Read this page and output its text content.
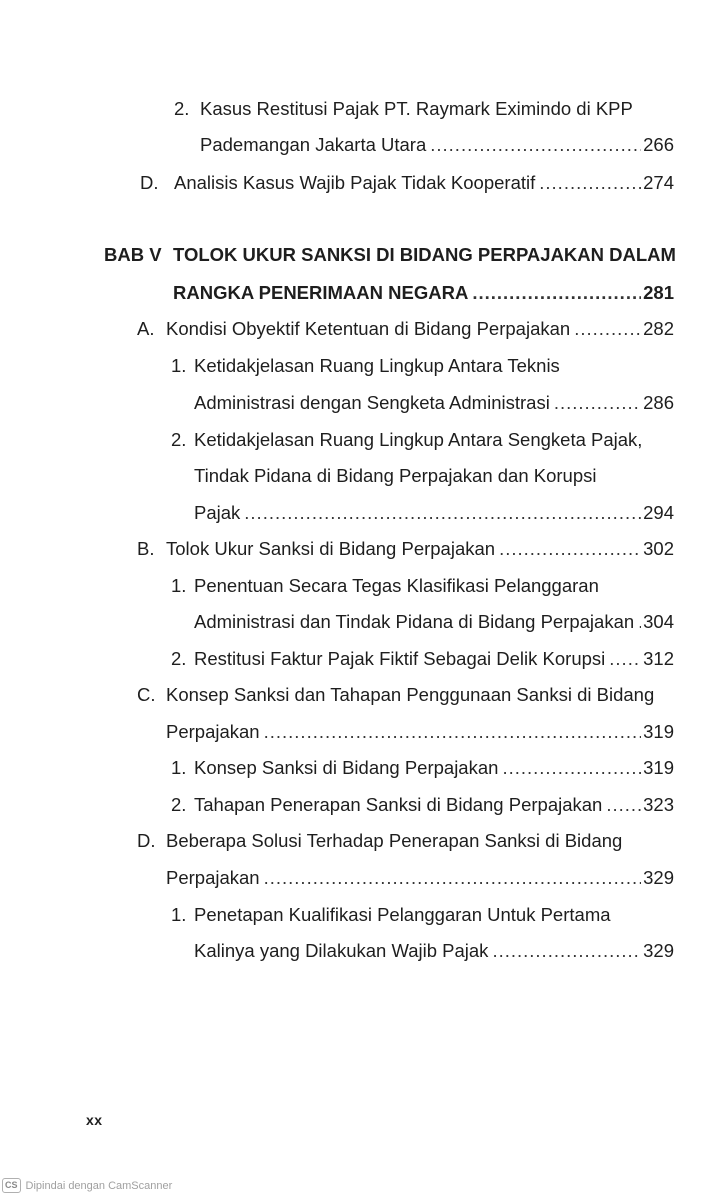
2. Kasus Restitusi Pajak PT. Raymark Eximindo di KPP
Pademangan Jakarta Utara .....	266
D. Analisis Kasus Wajib Pajak Tidak Kooperatif .....	274
BAB V TOLOK UKUR SANKSI DI BIDANG PERPAJAKAN DALAM
RANGKA PENERIMAAN NEGARA .....	281
A. Kondisi Obyektif Ketentuan di Bidang Perpajakan .....	282
1. Ketidakjelasan Ruang Lingkup Antara Teknis
Administrasi dengan Sengketa Administrasi .....	286
2. Ketidakjelasan Ruang Lingkup Antara Sengketa Pajak,
Tindak Pidana di Bidang Perpajakan dan Korupsi
Pajak .....	294
B. Tolok Ukur Sanksi di Bidang Perpajakan .....	302
1. Penentuan Secara Tegas Klasifikasi Pelanggaran
Administrasi dan Tindak Pidana di Bidang Perpajakan ..... 304
2. Restitusi Faktur Pajak Fiktif Sebagai Delik Korupsi ..... 312
C. Konsep Sanksi dan Tahapan Penggunaan Sanksi di Bidang
Perpajakan .....	319
1. Konsep Sanksi di Bidang Perpajakan .....	319
2. Tahapan Penerapan Sanksi di Bidang Perpajakan ..... 323
D. Beberapa Solusi Terhadap Penerapan Sanksi di Bidang
Perpajakan .....	329
1. Penetapan Kualifikasi Pelanggaran Untuk Pertama
Kalinya yang Dilakukan Wajib Pajak .....	329
xx
CS Dipindai dengan CamScanner
